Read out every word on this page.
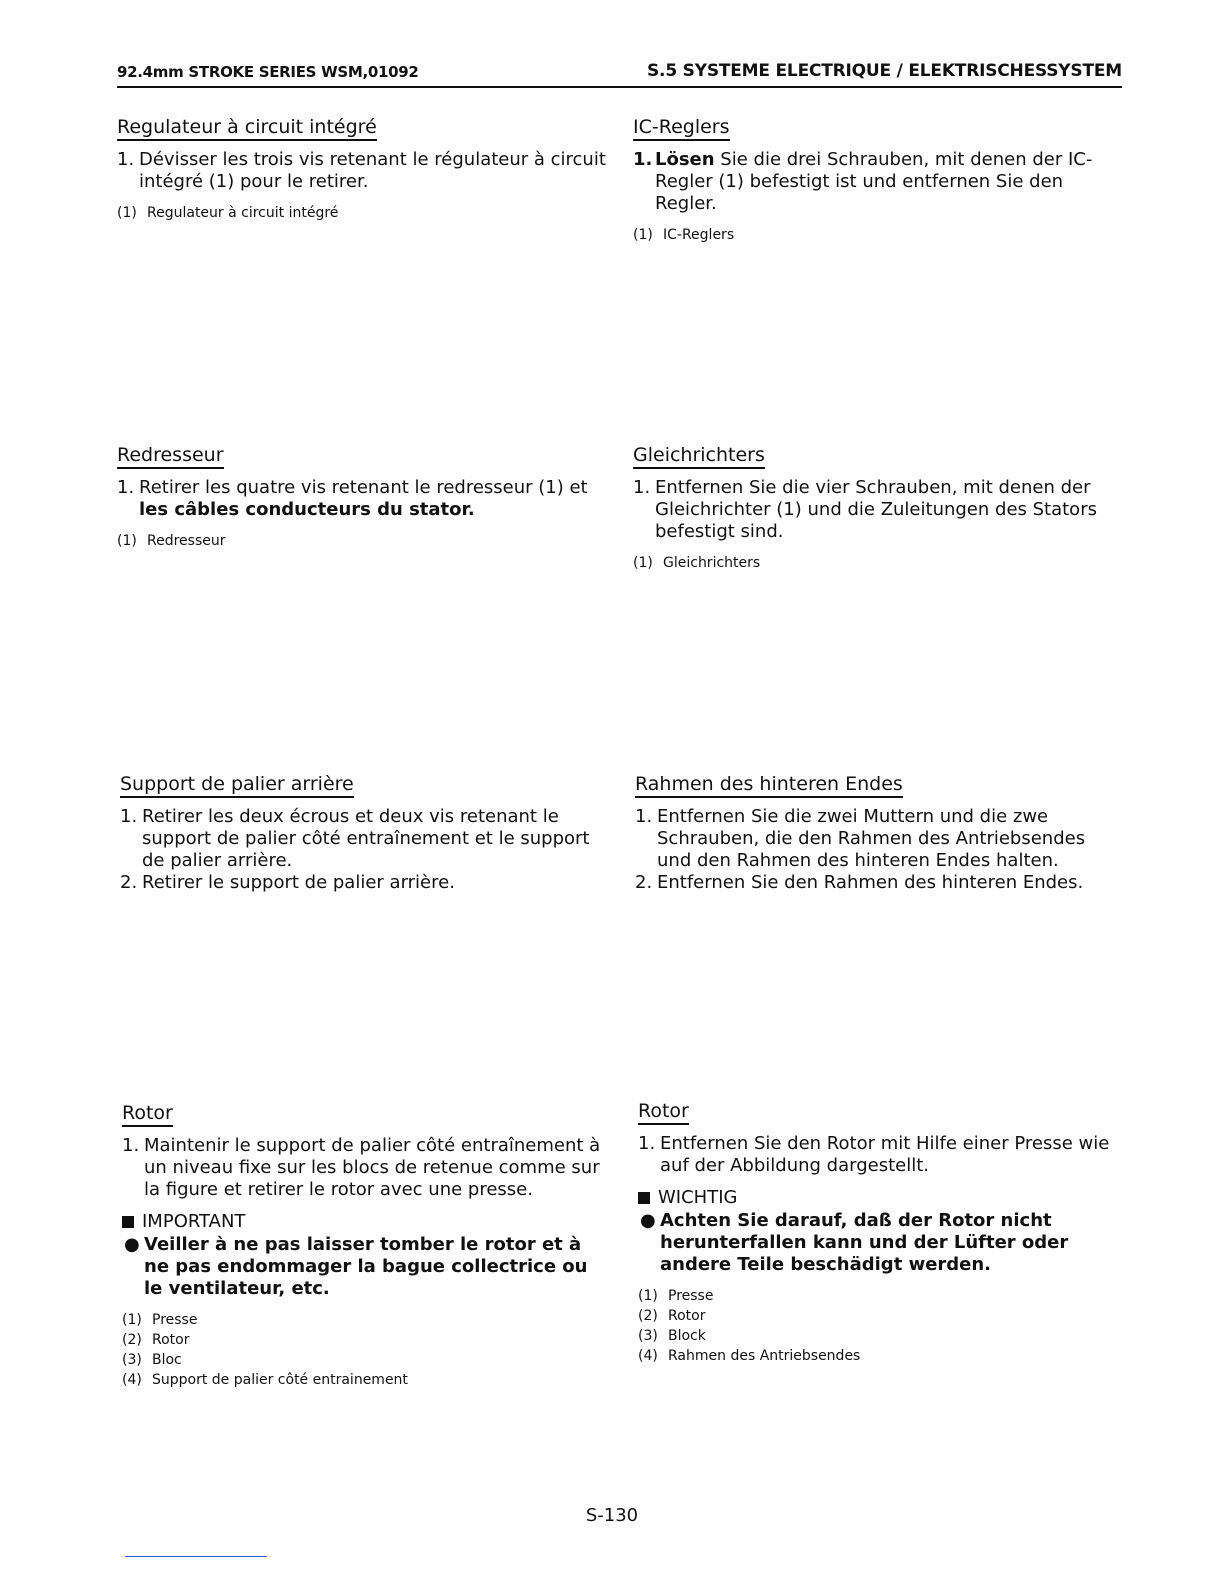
92.4mm STROKE SERIES WSM,01092	S.5 SYSTEME ELECTRIQUE / ELEKTRISCHESSYSTEM
Regulateur à circuit intégré
1. Dévisser les trois vis retenant le régulateur à circuit intégré (1) pour le retirer.
(1) Regulateur à circuit intégré
IC-Reglers
1. Lösen Sie die drei Schrauben, mit denen der IC-Regler (1) befestigt ist und entfernen Sie den Regler.
(1) IC-Reglers
Redresseur
1. Retirer les quatre vis retenant le redresseur (1) et les câbles conducteurs du stator.
(1) Redresseur
Gleichrichters
1. Entfernen Sie die vier Schrauben, mit denen der Gleichrichter (1) und die Zuleitungen des Stators befestigt sind.
(1) Gleichrichters
Support de palier arrière
1. Retirer les deux écrous et deux vis retenant le support de palier côté entraînement et le support de palier arrière.
2. Retirer le support de palier arrière.
Rahmen des hinteren Endes
1. Entfernen Sie die zwei Muttern und die zwe Schrauben, die den Rahmen des Antriebsendes und den Rahmen des hinteren Endes halten.
2. Entfernen Sie den Rahmen des hinteren Endes.
Rotor
1. Maintenir le support de palier côté entraînement à un niveau fixe sur les blocs de retenue comme sur la figure et retirer le rotor avec une presse.
IMPORTANT
● Veiller à ne pas laisser tomber le rotor et à ne pas endommager la bague collectrice ou le ventilateur, etc.
(1) Presse
(2) Rotor
(3) Bloc
(4) Support de palier côté entrainement
Rotor
1. Entfernen Sie den Rotor mit Hilfe einer Presse wie auf der Abbildung dargestellt.
WICHTIG
● Achten Sie darauf, daß der Rotor nicht herunterfallen kann und der Lüfter oder andere Teile beschädigt werden.
(1) Presse
(2) Rotor
(3) Block
(4) Rahmen des Antriebsendes
S-130
